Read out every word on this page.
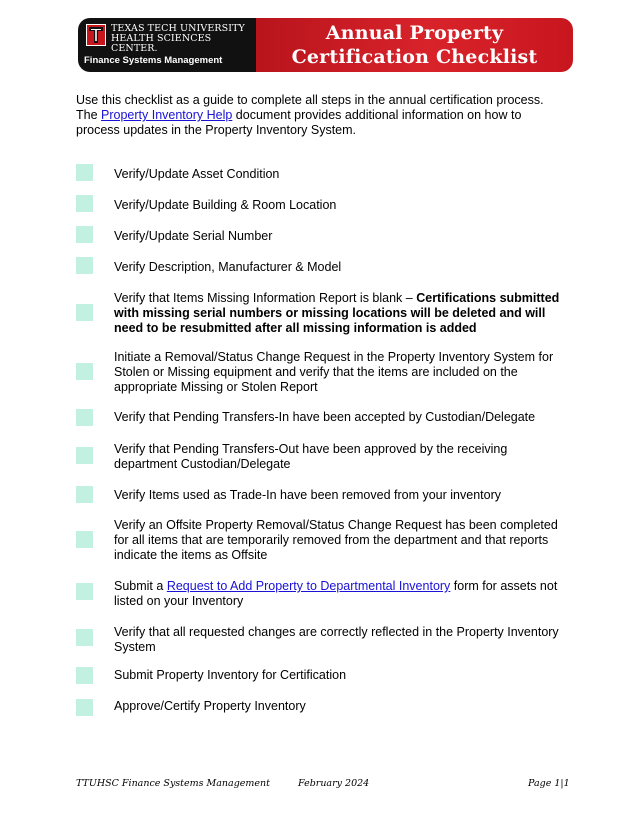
TEXAS TECH UNIVERSITY
HEALTH SCIENCES CENTER.
Finance Systems Management
Annual Property
Certification Checklist
Use this checklist as a guide to complete all steps in the annual certification process. The Property Inventory Help document provides additional information on how to process updates in the Property Inventory System.
Verify/Update Asset Condition
Verify/Update Building & Room Location
Verify/Update Serial Number
Verify Description, Manufacturer & Model
Verify that Items Missing Information Report is blank – Certifications submitted with missing serial numbers or missing locations will be deleted and will need to be resubmitted after all missing information is added
Initiate a Removal/Status Change Request in the Property Inventory System for Stolen or Missing equipment and verify that the items are included on the appropriate Missing or Stolen Report
Verify that Pending Transfers-In have been accepted by Custodian/Delegate
Verify that Pending Transfers-Out have been approved by the receiving department Custodian/Delegate
Verify Items used as Trade-In have been removed from your inventory
Verify an Offsite Property Removal/Status Change Request has been completed for all items that are temporarily removed from the department and that reports indicate the items as Offsite
Submit a Request to Add Property to Departmental Inventory form for assets not listed on your Inventory
Verify that all requested changes are correctly reflected in the Property Inventory System
Submit Property Inventory for Certification
Approve/Certify Property Inventory
TTUHSC Finance Systems Management	February 2024	Page 1|1
